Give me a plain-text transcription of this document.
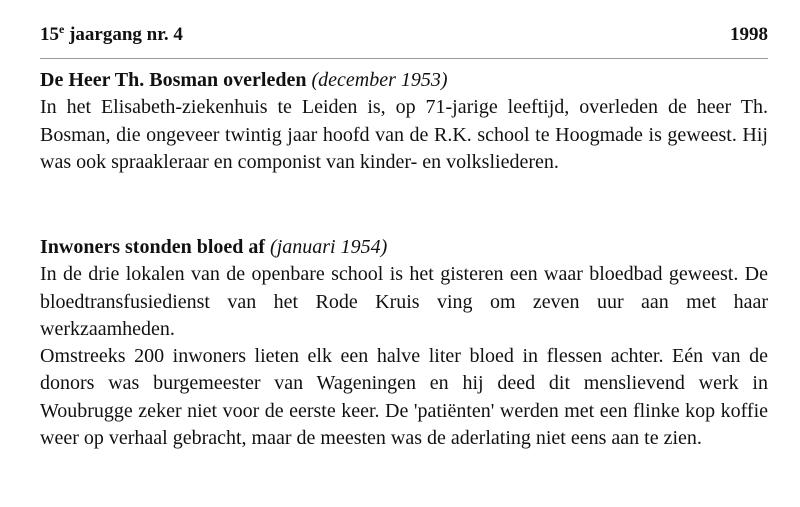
15e jaargang nr. 4	1998
De Heer Th. Bosman overleden (december 1953)

In het Elisabeth-ziekenhuis te Leiden is, op 71-jarige leeftijd, overleden de heer Th. Bosman, die ongeveer twintig jaar hoofd van de R.K. school te Hoogmade is geweest. Hij was ook spraakleraar en componist van kinder- en volksliederen.

Inwoners stonden bloed af (januari 1954)

In de drie lokalen van de openbare school is het gisteren een waar bloedbad geweest. De bloedtransfusiedienst van het Rode Kruis ving om zeven uur aan met haar werkzaamheden.

Omstreeks 200 inwoners lieten elk een halve liter bloed in flessen achter. Eén van de donors was burgemeester van Wageningen en hij deed dit menslievend werk in Woubrugge zeker niet voor de eerste keer. De 'patiënten' werden met een flinke kop koffie weer op verhaal gebracht, maar de meesten was de aderlating niet eens aan te zien.
